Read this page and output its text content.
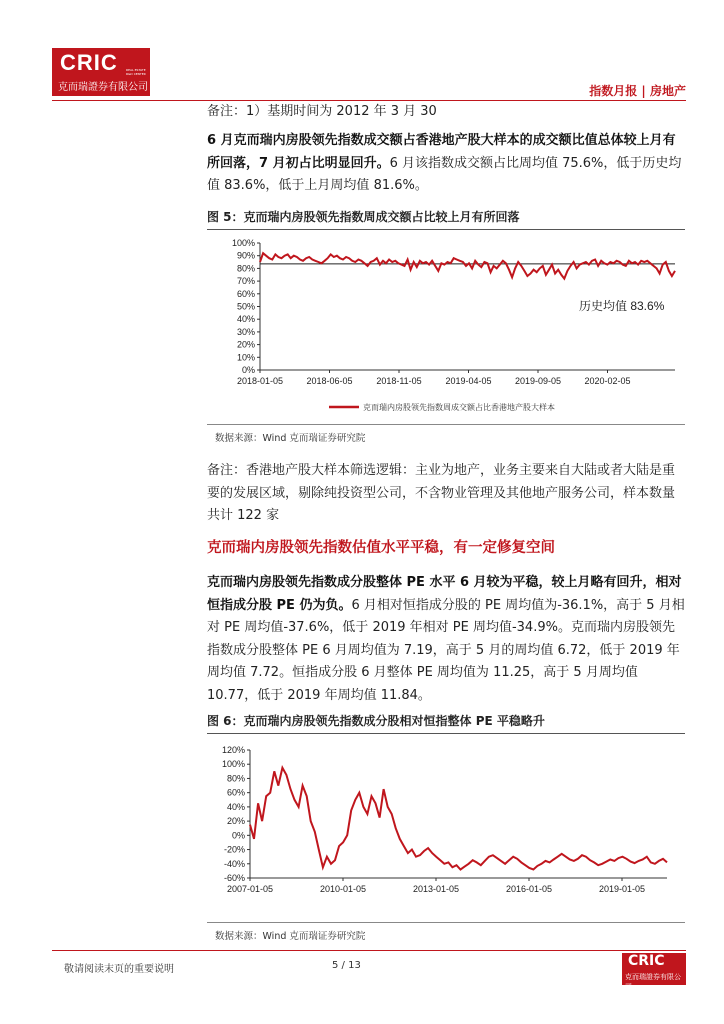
CRIC	REAL ESTATE R&D CENTER
克而瑞證券有限公司	指数月报 | 房地产
备注：1）基期时间为 2012 年 3 月 30
6 月克而瑞内房股领先指数成交额占香港地产股大样本的成交额比值总体较上月有所回落，7 月初占比明显回升。6 月该指数成交额占比周均值 75.6%，低于历史均值 83.6%，低于上月周均值 81.6%。
图 5：克而瑞内房股领先指数周成交额占比较上月有所回落
0%
10%
20%
30%
40%
50%
60%
70%
80%
90%
100%
2018-01-05	2018-06-05	2018-11-05	2019-04-05	2019-09-05	2020-02-05
历史均值 83.6%
克而瑞内房股领先指数周成交额占比香港地产股大样本
数据来源：Wind 克而瑞证券研究院
备注：香港地产股大样本筛选逻辑：主业为地产，业务主要来自大陆或者大陆是重要的发展区域，剔除纯投资型公司，不含物业管理及其他地产服务公司，样本数量共计 122 家
克而瑞内房股领先指数估值水平平稳，有一定修复空间
克而瑞内房股领先指数成分股整体 PE 水平 6 月较为平稳，较上月略有回升，相对恒指成分股 PE 仍为负。6 月相对恒指成分股的 PE 周均值为-36.1%，高于 5 月相对 PE 周均值-37.6%，低于 2019 年相对 PE 周均值-34.9%。克而瑞内房股领先指数成分股整体 PE 6 月周均值为 7.19，高于 5 月的周均值 6.72，低于 2019 年周均值 7.72。恒指成分股 6 月整体 PE 周均值为 11.25，高于 5 月周均值 10.77，低于 2019 年周均值 11.84。
图 6：克而瑞内房股领先指数成分股相对恒指整体 PE 平稳略升
-60%
-40%
-20%
0%
20%
40%
60%
80%
100%
120%
2007-01-05	2010-01-05	2013-01-05	2016-01-05	2019-01-05
数据来源：Wind 克而瑞证券研究院
敬请阅读末页的重要说明	5 / 13	CRIC
克而瑞證券有限公司
